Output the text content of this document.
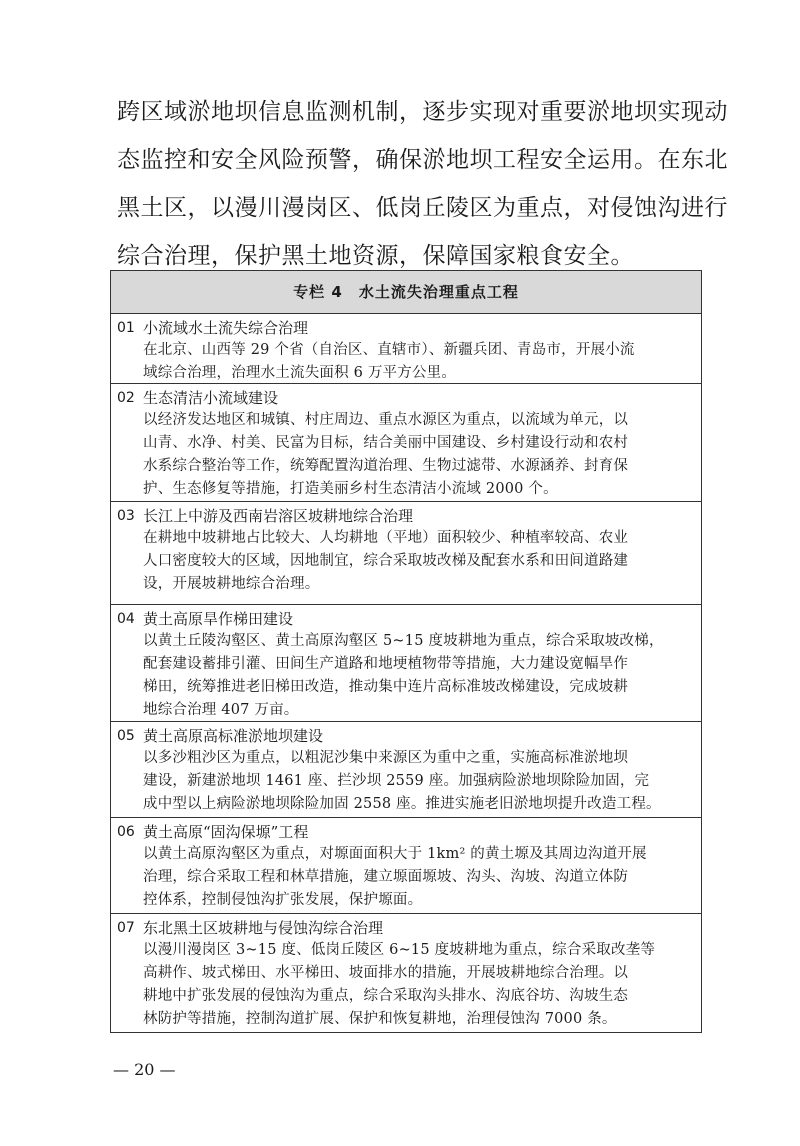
跨区域淤地坝信息监测机制，逐步实现对重要淤地坝实现动
态监控和安全风险预警，确保淤地坝工程安全运用。在东北
黑土区，以漫川漫岗区、低岗丘陵区为重点，对侵蚀沟进行
综合治理，保护黑土地资源，保障国家粮食安全。
专栏 4　水土流失治理重点工程
01 小流域水土流失综合治理
在北京、山西等 29 个省（自治区、直辖市）、新疆兵团、青岛市，开展小流
域综合治理，治理水土流失面积 6 万平方公里。
02 生态清洁小流域建设
以经济发达地区和城镇、村庄周边、重点水源区为重点，以流域为单元，以
山青、水净、村美、民富为目标，结合美丽中国建设、乡村建设行动和农村
水系综合整治等工作，统筹配置沟道治理、生物过滤带、水源涵养、封育保
护、生态修复等措施，打造美丽乡村生态清洁小流域 2000 个。
03 长江上中游及西南岩溶区坡耕地综合治理
在耕地中坡耕地占比较大、人均耕地（平地）面积较少、种植率较高、农业
人口密度较大的区域，因地制宜，综合采取坡改梯及配套水系和田间道路建
设，开展坡耕地综合治理。
04 黄土高原旱作梯田建设
以黄土丘陵沟壑区、黄土高原沟壑区 5~15 度坡耕地为重点，综合采取坡改梯，
配套建设蓄排引灌、田间生产道路和地埂植物带等措施，大力建设宽幅旱作
梯田，统筹推进老旧梯田改造，推动集中连片高标准坡改梯建设，完成坡耕
地综合治理 407 万亩。
05 黄土高原高标准淤地坝建设
以多沙粗沙区为重点，以粗泥沙集中来源区为重中之重，实施高标准淤地坝
建设，新建淤地坝 1461 座、拦沙坝 2559 座。加强病险淤地坝除险加固，完
成中型以上病险淤地坝除险加固 2558 座。推进实施老旧淤地坝提升改造工程。
06 黄土高原“固沟保塬”工程
以黄土高原沟壑区为重点，对塬面面积大于 1km² 的黄土塬及其周边沟道开展
治理，综合采取工程和林草措施，建立塬面塬坡、沟头、沟坡、沟道立体防
控体系，控制侵蚀沟扩张发展，保护塬面。
07 东北黑土区坡耕地与侵蚀沟综合治理
以漫川漫岗区 3~15 度、低岗丘陵区 6~15 度坡耕地为重点，综合采取改垄等
高耕作、坡式梯田、水平梯田、坡面排水的措施，开展坡耕地综合治理。以
耕地中扩张发展的侵蚀沟为重点，综合采取沟头排水、沟底谷坊、沟坡生态
林防护等措施，控制沟道扩展、保护和恢复耕地，治理侵蚀沟 7000 条。
— 20 —
